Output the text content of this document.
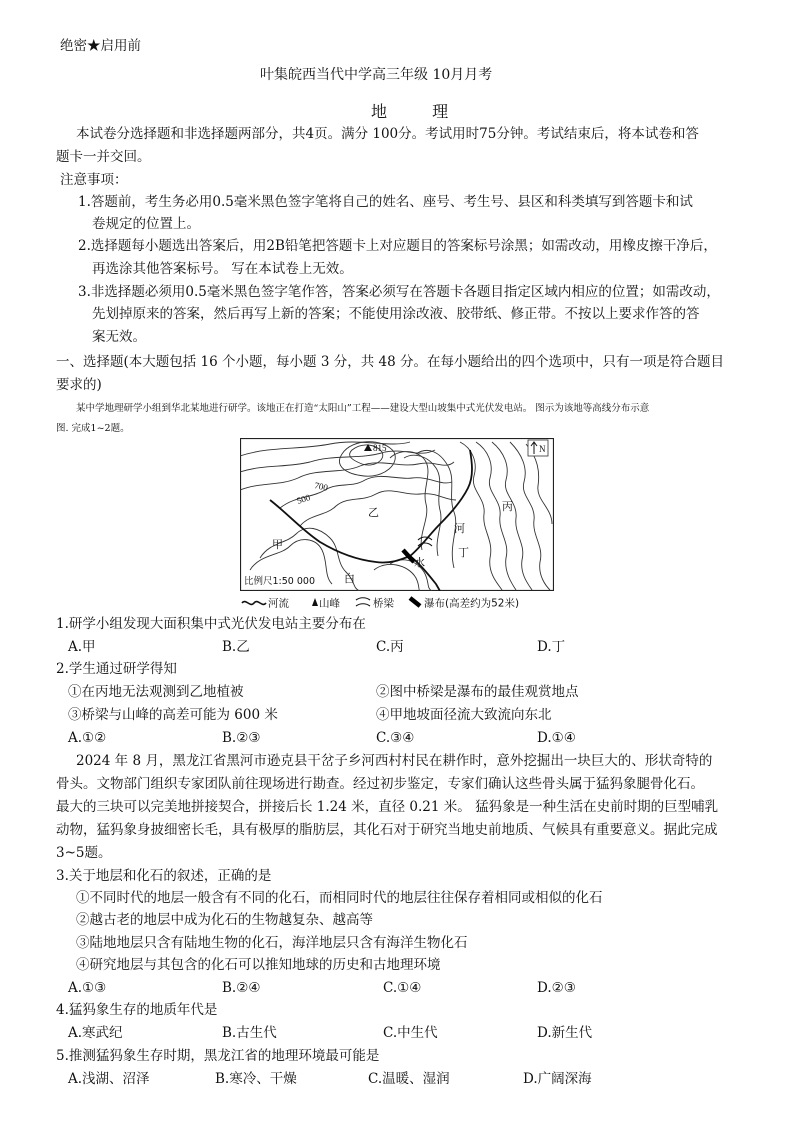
绝密★启用前
叶集皖西当代中学高三年级 10月月考
地 理
本试卷分选择题和非选择题两部分，共4页。满分 100分。考试用时75分钟。考试结束后，将本试卷和答
题卡一并交回。
注意事项：
1.答题前，考生务必用0.5毫米黑色签字笔将自己的姓名、座号、考生号、县区和科类填写到答题卡和试
卷规定的位置上。
2.选择题每小题选出答案后，用2B铅笔把答题卡上对应题目的答案标号涂黑；如需改动，用橡皮擦干净后，
再选涂其他答案标号。 写在本试卷上无效。
3.非选择题必须用0.5毫米黑色签字笔作答，答案必须写在答题卡各题目指定区域内相应的位置；如需改动，
先划掉原来的答案，然后再写上新的答案；不能使用涂改液、胶带纸、修正带。不按以上要求作答的答
案无效。
一、选择题(本大题包括 16 个小题，每小题 3 分，共 48 分。在每小题给出的四个选项中，只有一项是符合题目
要求的)
某中学地理研学小组到华北某地进行研学。该地正在打造“太阳山”工程——建设大型山坡集中式光伏发电站。 图示为该地等高线分布示意
图. 完成1~2题。
N
815
700
500
甲
乙	丙
丁
河
白
水
比例尺1:50 000
河流	山峰	桥梁	瀑布(高差约为52米)
1.研学小组发现大面积集中式光伏发电站主要分布在
A.甲	B.乙	C.丙	D.丁
2.学生通过研学得知
①在丙地无法观测到乙地植被	②图中桥梁是瀑布的最佳观赏地点
③桥梁与山峰的高差可能为 600 米	④甲地坡面径流大致流向东北
A.①②	B.②③	C.③④	D.①④
2024 年 8 月，黑龙江省黑河市逊克县干岔子乡河西村村民在耕作时，意外挖掘出一块巨大的、形状奇特的
骨头。文物部门组织专家团队前往现场进行勘查。经过初步鉴定，专家们确认这些骨头属于猛犸象腿骨化石。
最大的三块可以完美地拼接契合，拼接后长 1.24 米，直径 0.21 米。 猛犸象是一种生活在史前时期的巨型哺乳
动物，猛犸象身披细密长毛，具有极厚的脂肪层，其化石对于研究当地史前地质、气候具有重要意义。据此完成
3~5题。
3.关于地层和化石的叙述，正确的是
①不同时代的地层一般含有不同的化石，而相同时代的地层往往保存着相同或相似的化石
②越古老的地层中成为化石的生物越复杂、越高等
③陆地地层只含有陆地生物的化石，海洋地层只含有海洋生物化石
④研究地层与其包含的化石可以推知地球的历史和古地理环境
A.①③	B.②④	C.①④	D.②③
4.猛犸象生存的地质年代是
A.寒武纪	B.古生代	C.中生代	D.新生代
5.推测猛犸象生存时期，黑龙江省的地理环境最可能是
A.浅湖、沼泽	B.寒冷、干燥	C.温暖、湿润	D.广阔深海
